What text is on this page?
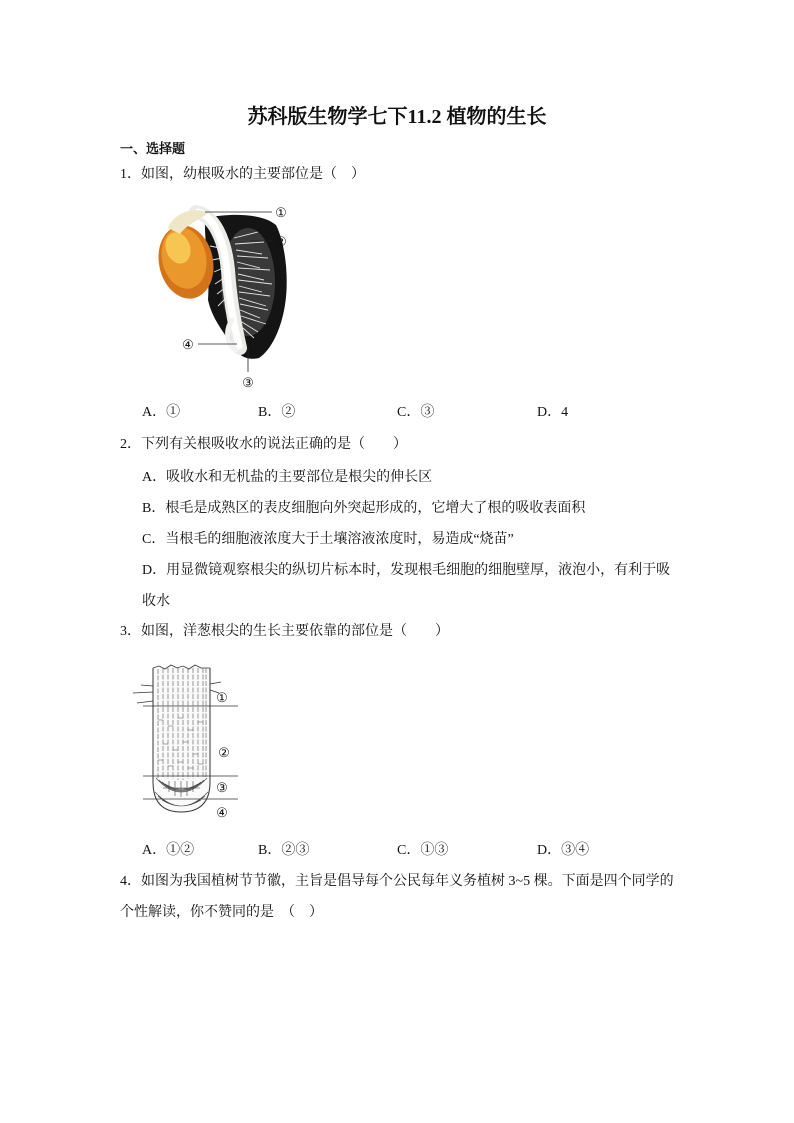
苏科版生物学七下11.2 植物的生长
一、选择题
1．如图，幼根吸水的主要部位是（　）
①
②
③
④
A．①	B．②	C．③	D．4
2．下列有关根吸收水的说法正确的是（　　）
A．吸收水和无机盐的主要部位是根尖的伸长区
B．根毛是成熟区的表皮细胞向外突起形成的，它增大了根的吸收表面积
C．当根毛的细胞液浓度大于土壤溶液浓度时，易造成“烧苗”
D．用显微镜观察根尖的纵切片标本时，发现根毛细胞的细胞壁厚，液泡小，有利于吸收水
3．如图，洋葱根尖的生长主要依靠的部位是（　　）
①
②
③
④
A．①②	B．②③	C．①③	D．③④
4．如图为我国植树节节徽，主旨是倡导每个公民每年义务植树 3~5 棵。下面是四个同学的个性解读，你不赞同的是　（　）
